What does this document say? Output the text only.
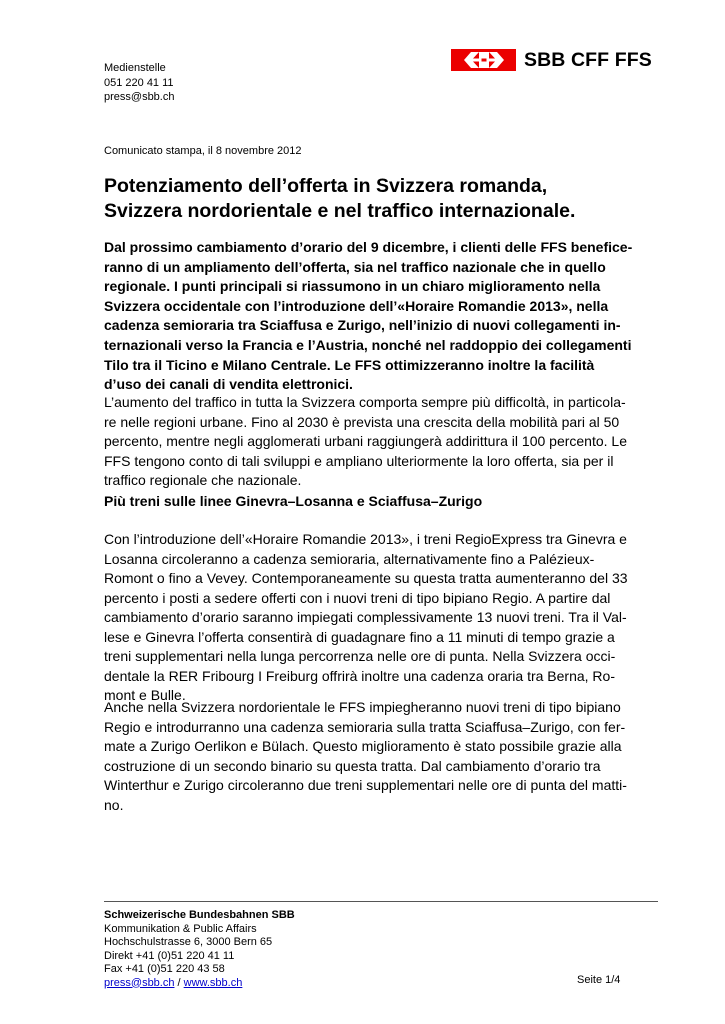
Medienstelle
051 220 41 11
press@sbb.ch
SBB CFF FFS
Comunicato stampa, il 8 novembre 2012
Potenziamento dell’offerta in Svizzera romanda,
Svizzera nordorientale e nel traffico internazionale.

Dal prossimo cambiamento d’orario del 9 dicembre, i clienti delle FFS benefice-
ranno di un ampliamento dell’offerta, sia nel traffico nazionale che in quello
regionale. I punti principali si riassumono in un chiaro miglioramento nella
Svizzera occidentale con l’introduzione dell’«Horaire Romandie 2013», nella
cadenza semioraria tra Sciaffusa e Zurigo, nell’inizio di nuovi collegamenti in-
ternazionali verso la Francia e l’Austria, nonché nel raddoppio dei collegamenti
Tilo tra il Ticino e Milano Centrale. Le FFS ottimizzeranno inoltre la facilità
d’uso dei canali di vendita elettronici.

L’aumento del traffico in tutta la Svizzera comporta sempre più difficoltà, in particola-
re nelle regioni urbane. Fino al 2030 è prevista una crescita della mobilità pari al 50
percento, mentre negli agglomerati urbani raggiungerà addirittura il 100 percento. Le
FFS tengono conto di tali sviluppi e ampliano ulteriormente la loro offerta, sia per il
traffico regionale che nazionale.

Più treni sulle linee Ginevra–Losanna e Sciaffusa–Zurigo

Con l’introduzione dell’«Horaire Romandie 2013», i treni RegioExpress tra Ginevra e
Losanna circoleranno a cadenza semioraria, alternativamente fino a Palézieux-
Romont o fino a Vevey. Contemporaneamente su questa tratta aumenteranno del 33
percento i posti a sedere offerti con i nuovi treni di tipo bipiano Regio. A partire dal
cambiamento d’orario saranno impiegati complessivamente 13 nuovi treni. Tra il Val-
lese e Ginevra l’offerta consentirà di guadagnare fino a 11 minuti di tempo grazie a
treni supplementari nella lunga percorrenza nelle ore di punta. Nella Svizzera occi-
dentale la RER Fribourg I Freiburg offrirà inoltre una cadenza oraria tra Berna, Ro-
mont e Bulle.

Anche nella Svizzera nordorientale le FFS impiegheranno nuovi treni di tipo bipiano
Regio e introdurranno una cadenza semioraria sulla tratta Sciaffusa–Zurigo, con fer-
mate a Zurigo Oerlikon e Bülach. Questo miglioramento è stato possibile grazie alla
costruzione di un secondo binario su questa tratta. Dal cambiamento d’orario tra
Winterthur e Zurigo circoleranno due treni supplementari nelle ore di punta del matti-
no.

Schweizerische Bundesbahnen SBB
Kommunikation & Public Affairs
Hochschulstrasse 6, 3000 Bern 65
Direkt +41 (0)51 220 41 11
Fax +41 (0)51 220 43 58
press@sbb.ch / www.sbb.ch	Seite 1/4
